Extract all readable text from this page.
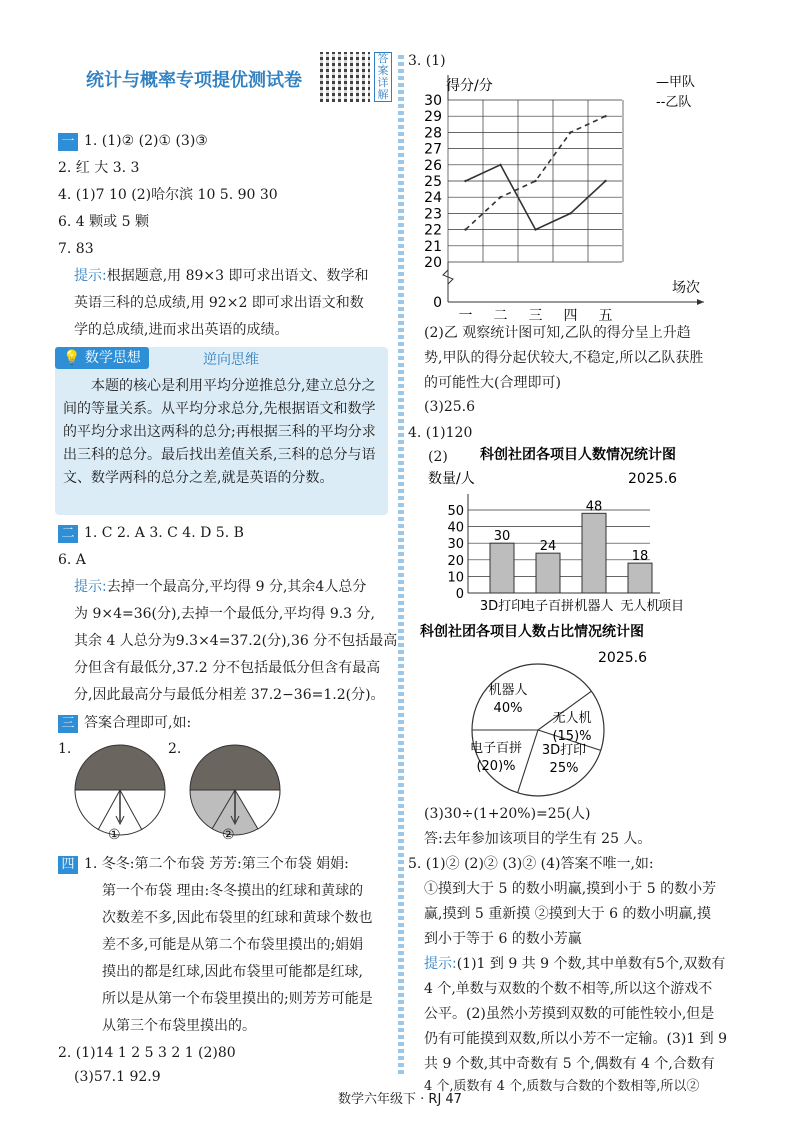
统计与概率专项提优测试卷
答案详解
一 1. (1)② (2)① (3)③
2. 红 大 3. 3
4. (1)7 10 (2)哈尔滨 10 5. 90 30
6. 4 颗或 5 颗
7. 83
提示:根据题意,用 89×3 即可求出语文、数学和
英语三科的总成绩,用 92×2 即可求出语文和数
学的总成绩,进而求出英语的成绩。
💡 数学思想	逆向思维
本题的核心是利用平均分逆推总分,建立总分之间的等量关系。从平均分求总分,先根据语文和数学的平均分求出这两科的总分;再根据三科的平均分求出三科的总分。最后找出差值关系,三科的总分与语文、数学两科的总分之差,就是英语的分数。
二 1. C 2. A 3. C 4. D 5. B
6. A
提示:去掉一个最高分,平均得 9 分,其余4人总分
为 9×4=36(分),去掉一个最低分,平均得 9.3 分,
其余 4 人总分为9.3×4=37.2(分),36 分不包括最高
分但含有最低分,37.2 分不包括最低分但含有最高
分,因此最高分与最低分相差 37.2−36=1.2(分)。
三 答案合理即可,如:
1.	2.
①	②
四 1. 冬冬:第二个布袋 芳芳:第三个布袋 娟娟:
第一个布袋 理由:冬冬摸出的红球和黄球的
次数差不多,因此布袋里的红球和黄球个数也
差不多,可能是从第二个布袋里摸出的;娟娟
摸出的都是红球,因此布袋里可能都是红球,
所以是从第一个布袋里摸出的;则芳芳可能是
从第三个布袋里摸出的。
2. (1)14 1 2 5 3 2 1 (2)80
(3)57.1 92.9
3. (1)
0
20
21
22
23
24
25
26
27
28
29
30
一 二 三 四 五
得分/分
场次
—甲队
--乙队
(2)乙 观察统计图可知,乙队的得分呈上升趋
势,甲队的得分起伏较大,不稳定,所以乙队获胜
的可能性大(合理即可)
(3)25.6
4. (1)120
(2) 科创社团各项目人数情况统计图
2025.6
数量/人
0
10
20
30
40
50
30
3D打印
24
电子百拼
48
机器人
18
无人机
项目
科创社团各项目人数占比情况统计图
2025.6
机器人
40%
无人机
(15)%
3D打印
25%
电子百拼
(20)%
(3)30÷(1+20%)=25(人)
答:去年参加该项目的学生有 25 人。
5. (1)② (2)② (3)② (4)答案不唯一,如:
①摸到大于 5 的数小明赢,摸到小于 5 的数小芳
赢,摸到 5 重新摸 ②摸到大于 6 的数小明赢,摸
到小于等于 6 的数小芳赢
提示:(1)1 到 9 共 9 个数,其中单数有5个,双数有
4 个,单数与双数的个数不相等,所以这个游戏不
公平。(2)虽然小芳摸到双数的可能性较小,但是
仍有可能摸到双数,所以小芳不一定输。(3)1 到 9
共 9 个数,其中奇数有 5 个,偶数有 4 个,合数有
4 个,质数有 4 个,质数与合数的个数相等,所以②
数学六年级下 · RJ 47
